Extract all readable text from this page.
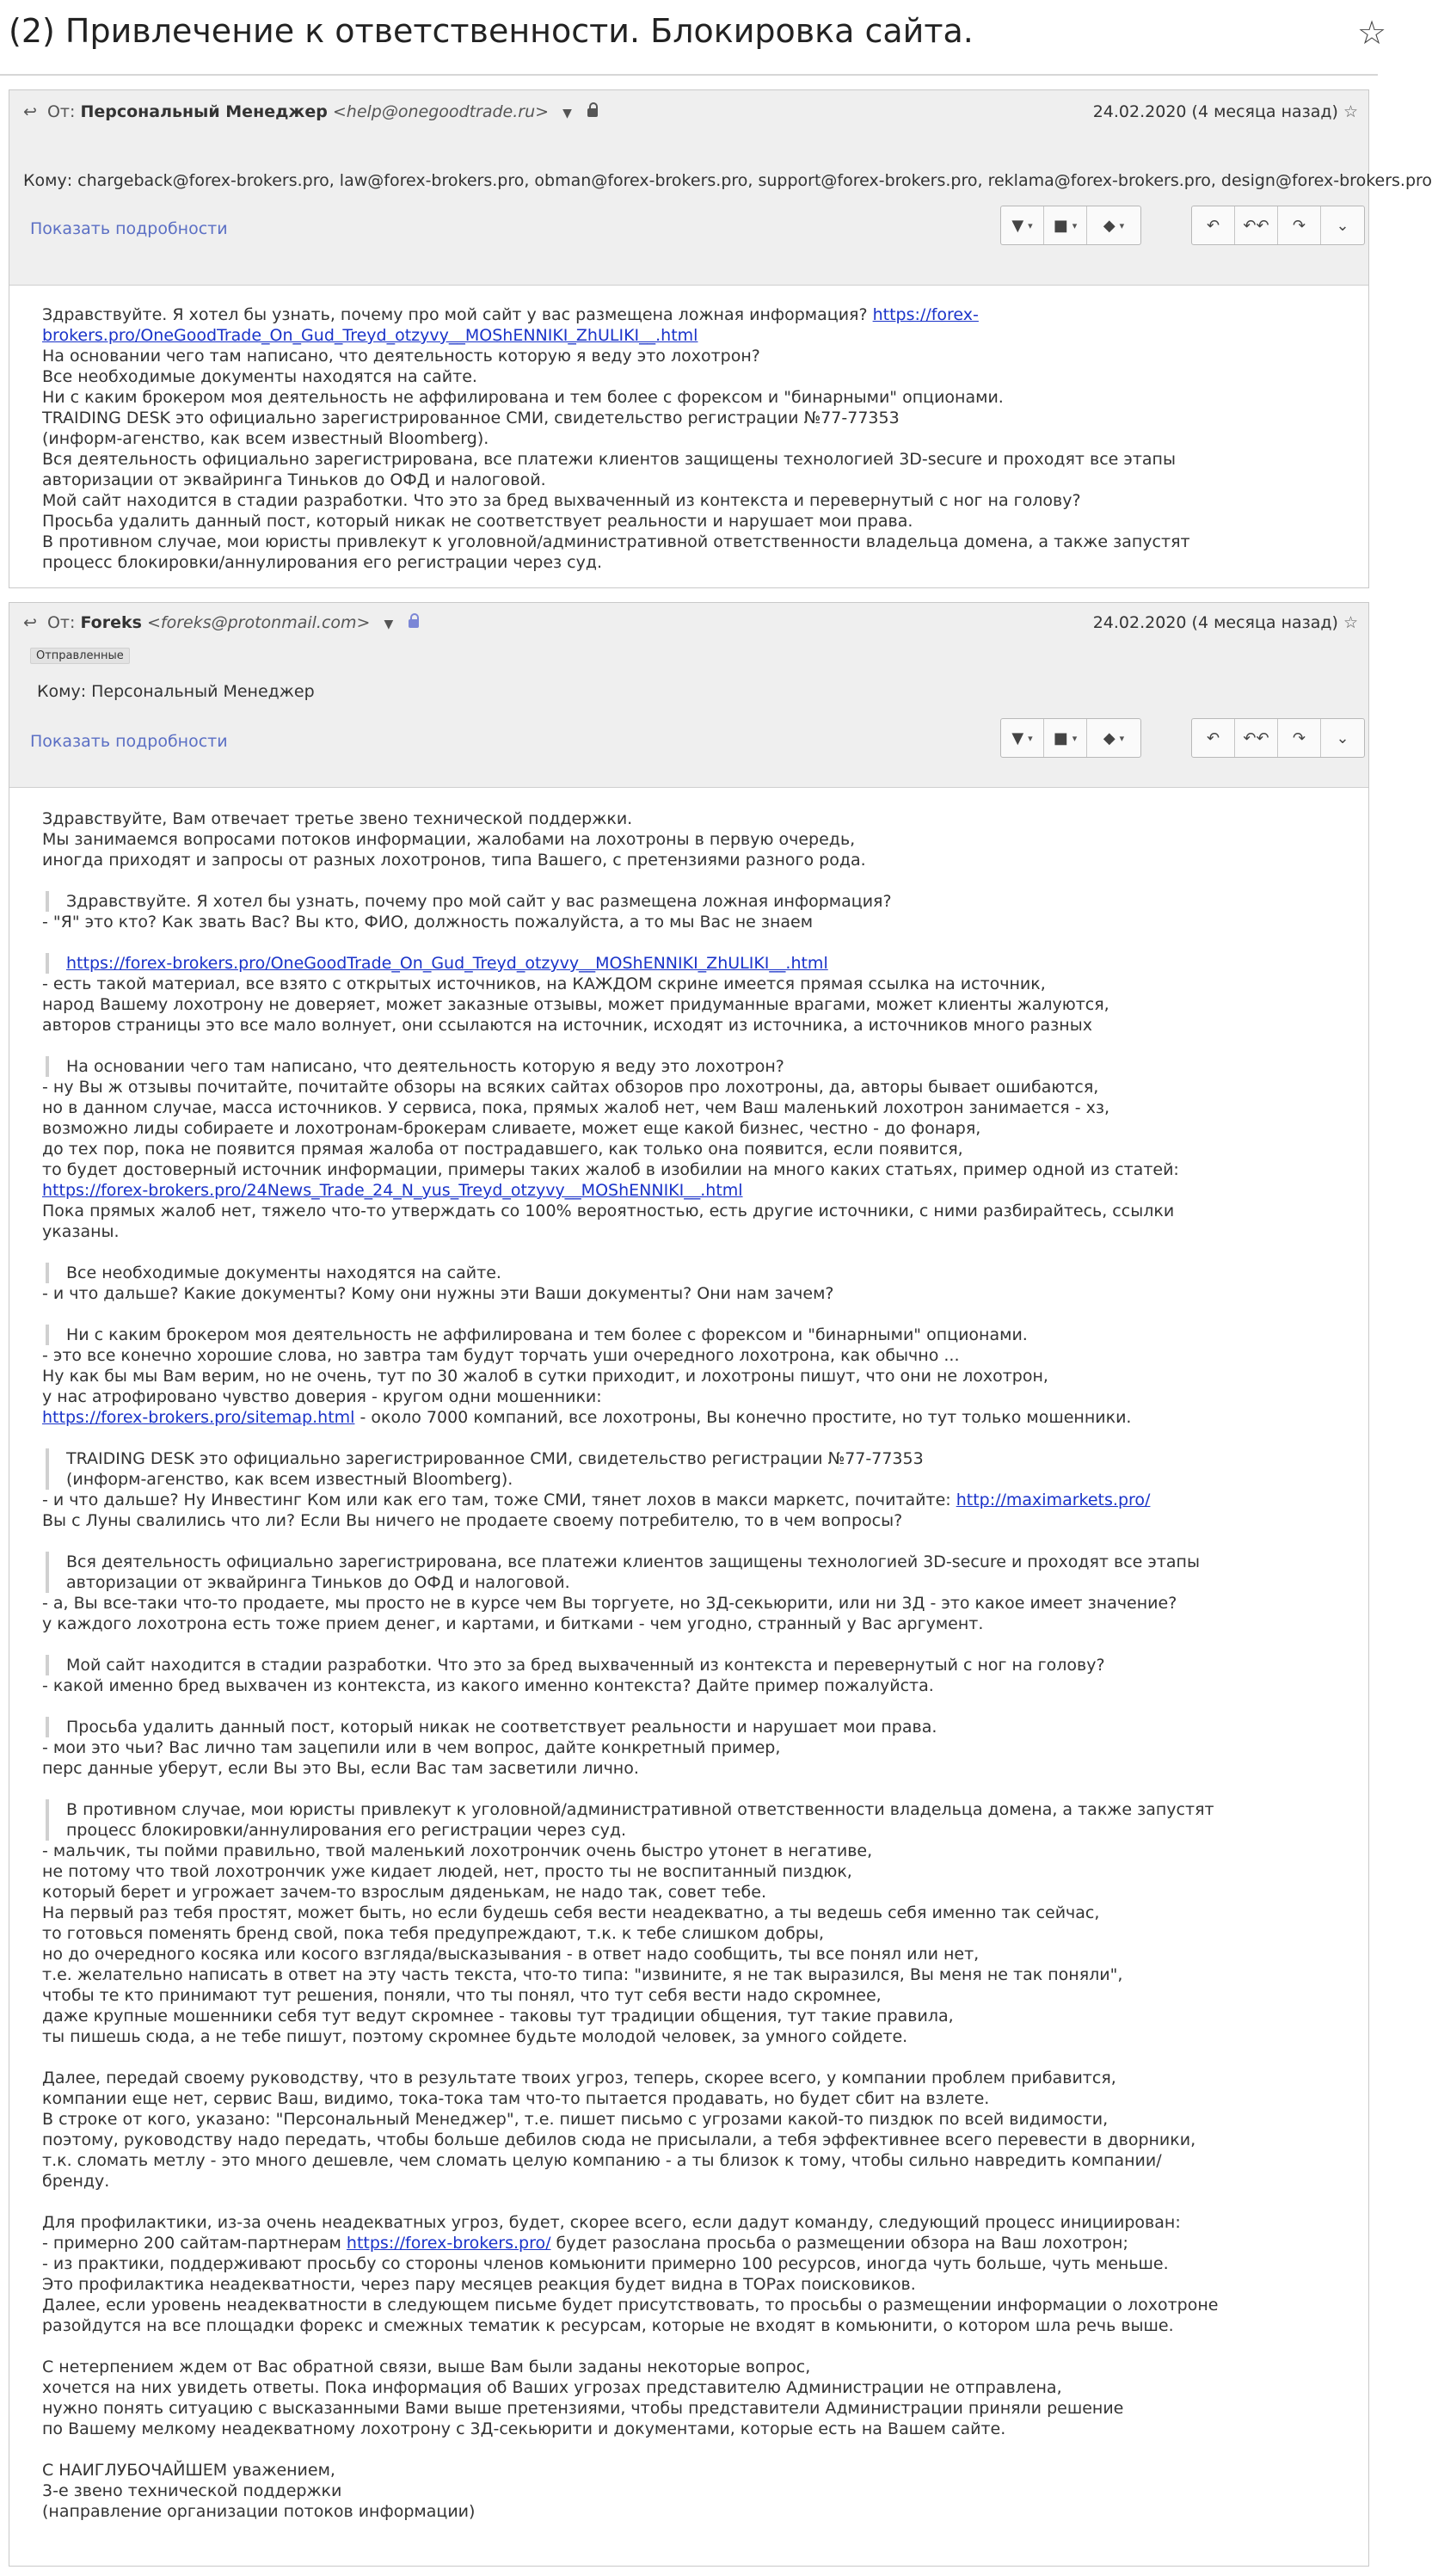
(2) Привлечение к ответственности. Блокировка сайта.	☆
↩ От: Персональный Менеджер <help@onegoodtrade.ru> ▼	24.02.2020 (4 месяца назад) ☆
Кому: chargeback@forex-brokers.pro, law@forex-brokers.pro, obman@forex-brokers.pro, support@forex-brokers.pro, reklama@forex-brokers.pro, design@forex-brokers.pro
Показать подробности	▼ ▾ ■ ▾ ◆ ▾	↶ ↶↶ ↷ ⌄

Здравствуйте. Я хотел бы узнать, почему про мой сайт у вас размещена ложная информация? https://forex-
brokers.pro/OneGoodTrade_On_Gud_Treyd_otzyvy__MOShENNIKI_ZhULIKI__.html

На основании чего там написано, что деятельность которую я веду это лохотрон?
Все необходимые документы находятся на сайте.
Ни с каким брокером моя деятельность не аффилирована и тем более с форексом и "бинарными" опционами.
TRAIDING DESK это официально зарегистрированное СМИ, свидетельство регистрации №77-77353
(информ-агенство, как всем известный Bloomberg).
Вся деятельность официально зарегистрирована, все платежи клиентов защищены технологией 3D-secure и проходят все этапы
авторизации от эквайринга Тиньков до ОФД и налоговой.
Мой сайт находится в стадии разработки. Что это за бред выхваченный из контекста и перевернутый с ног на голову?
Просьба удалить данный пост, который никак не соответствует реальности и нарушает мои права.
В противном случае, мои юристы привлекут к уголовной/административной ответственности владельца домена, а также запустят
процесс блокировки/аннулирования его регистрации через суд.

↩ От: Foreks <foreks@protonmail.com> ▼	24.02.2020 (4 месяца назад) ☆
Отправленные
Кому: Персональный Менеджер
Показать подробности	▼ ▾ ■ ▾ ◆ ▾	↶ ↶↶ ↷ ⌄

Здравствуйте, Вам отвечает третье звено технической поддержки.
Мы занимаемся вопросами потоков информации, жалобами на лохотроны в первую очередь,
иногда приходят и запросы от разных лохотронов, типа Вашего, с претензиями разного рода.

Здравствуйте. Я хотел бы узнать, почему про мой сайт у вас размещена ложная информация?

- "Я" это кто? Как звать Вас? Вы кто, ФИО, должность пожалуйста, а то мы Вас не знаем

https://forex-brokers.pro/OneGoodTrade_On_Gud_Treyd_otzyvy__MOShENNIKI_ZhULIKI__.html

- есть такой материал, все взято с открытых источников, на КАЖДОМ скрине имеется прямая ссылка на источник,
народ Вашему лохотрону не доверяет, может заказные отзывы, может придуманные врагами, может клиенты жалуются,
авторов страницы это все мало волнует, они ссылаются на источник, исходят из источника, а источников много разных

На основании чего там написано, что деятельность которую я веду это лохотрон?

- ну Вы ж отзывы почитайте, почитайте обзоры на всяких сайтах обзоров про лохотроны, да, авторы бывает ошибаются,
но в данном случае, масса источников. У сервиса, пока, прямых жалоб нет, чем Ваш маленький лохотрон занимается - хз,
возможно лиды собираете и лохотронам-брокерам сливаете, может еще какой бизнес, честно - до фонаря,
до тех пор, пока не появится прямая жалоба от пострадавшего, как только она появится, если появится,
то будет достоверный источник информации, примеры таких жалоб в изобилии на много каких статьях, пример одной из статей:

https://forex-brokers.pro/24News_Trade_24_N_yus_Treyd_otzyvy__MOShENNIKI__.html

Пока прямых жалоб нет, тяжело что-то утверждать со 100% вероятностью, есть другие источники, с ними разбирайтесь, ссылки
указаны.

Все необходимые документы находятся на сайте.

- и что дальше? Какие документы? Кому они нужны эти Ваши документы? Они нам зачем?

Ни с каким брокером моя деятельность не аффилирована и тем более с форексом и "бинарными" опционами.

- это все конечно хорошие слова, но завтра там будут торчать уши очередного лохотрона, как обычно ...
Ну как бы мы Вам верим, но не очень, тут по 30 жалоб в сутки приходит, и лохотроны пишут, что они не лохотрон,
у нас атрофировано чувство доверия - кругом одни мошенники:

https://forex-brokers.pro/sitemap.html - около 7000 компаний, все лохотроны, Вы конечно простите, но тут только мошенники.

TRAIDING DESK это официально зарегистрированное СМИ, свидетельство регистрации №77-77353
(информ-агенство, как всем известный Bloomberg).

- и что дальше? Ну Инвестинг Ком или как его там, тоже СМИ, тянет лохов в макси маркетс, почитайте: http://maximarkets.pro/

Вы с Луны свалились что ли? Если Вы ничего не продаете своему потребителю, то в чем вопросы?

Вся деятельность официально зарегистрирована, все платежи клиентов защищены технологией 3D-secure и проходят все этапы
авторизации от эквайринга Тиньков до ОФД и налоговой.

- а, Вы все-таки что-то продаете, мы просто не в курсе чем Вы торгуете, но 3Д-секьюрити, или ни 3Д - это какое имеет значение?
у каждого лохотрона есть тоже прием денег, и картами, и битками - чем угодно, странный у Вас аргумент.

Мой сайт находится в стадии разработки. Что это за бред выхваченный из контекста и перевернутый с ног на голову?

- какой именно бред выхвачен из контекста, из какого именно контекста? Дайте пример пожалуйста.

Просьба удалить данный пост, который никак не соответствует реальности и нарушает мои права.

- мои это чьи? Вас лично там зацепили или в чем вопрос, дайте конкретный пример,
перс данные уберут, если Вы это Вы, если Вас там засветили лично.

В противном случае, мои юристы привлекут к уголовной/административной ответственности владельца домена, а также запустят
процесс блокировки/аннулирования его регистрации через суд.

- мальчик, ты пойми правильно, твой маленький лохотрончик очень быстро утонет в негативе,
не потому что твой лохотрончик уже кидает людей, нет, просто ты не воспитанный пиздюк,
который берет и угрожает зачем-то взрослым дяденькам, не надо так, совет тебе.
На первый раз тебя простят, может быть, но если будешь себя вести неадекватно, а ты ведешь себя именно так сейчас,
то готовься поменять бренд свой, пока тебя предупреждают, т.к. к тебе слишком добры,
но до очередного косяка или косого взгляда/высказывания - в ответ надо сообщить, ты все понял или нет,
т.е. желательно написать в ответ на эту часть текста, что-то типа: "извините, я не так выразился, Вы меня не так поняли",
чтобы те кто принимают тут решения, поняли, что ты понял, что тут себя вести надо скромнее,
даже крупные мошенники себя тут ведут скромнее - таковы тут традиции общения, тут такие правила,
ты пишешь сюда, а не тебе пишут, поэтому скромнее будьте молодой человек, за умного сойдете.

Далее, передай своему руководству, что в результате твоих угроз, теперь, скорее всего, у компании проблем прибавится,
компании еще нет, сервис Ваш, видимо, тока-тока там что-то пытается продавать, но будет сбит на взлете.
В строке от кого, указано: "Персональный Менеджер", т.е. пишет письмо с угрозами какой-то пиздюк по всей видимости,
поэтому, руководству надо передать, чтобы больше дебилов сюда не присылали, а тебя эффективнее всего перевести в дворники,
т.к. сломать метлу - это много дешевле, чем сломать целую компанию - а ты близок к тому, чтобы сильно навредить компании/
бренду.

Для профилактики, из-за очень неадекватных угроз, будет, скорее всего, если дадут команду, следующий процесс инициирован:
- примерно 200 сайтам-партнерам https://forex-brokers.pro/ будет разослана просьба о размещении обзора на Ваш лохотрон;
- из практики, поддерживают просьбу со стороны членов комьюнити примерно 100 ресурсов, иногда чуть больше, чуть меньше.
Это профилактика неадекватности, через пару месяцев реакция будет видна в ТОРах поисковиков.
Далее, если уровень неадекватности в следующем письме будет присутствовать, то просьбы о размещении информации о лохотроне
разойдутся на все площадки форекс и смежных тематик к ресурсам, которые не входят в комьюнити, о котором шла речь выше.

С нетерпением ждем от Вас обратной связи, выше Вам были заданы некоторые вопрос,
хочется на них увидеть ответы. Пока информация об Ваших угрозах представителю Администрации не отправлена,
нужно понять ситуацию с высказанными Вами выше претензиями, чтобы представители Администрации приняли решение
по Вашему мелкому неадекватному лохотрону с 3Д-секьюрити и документами, которые есть на Вашем сайте.

С НАИГЛУБОЧАЙШЕМ уважением,
3-е звено технической поддержки
(направление организации потоков информации)
